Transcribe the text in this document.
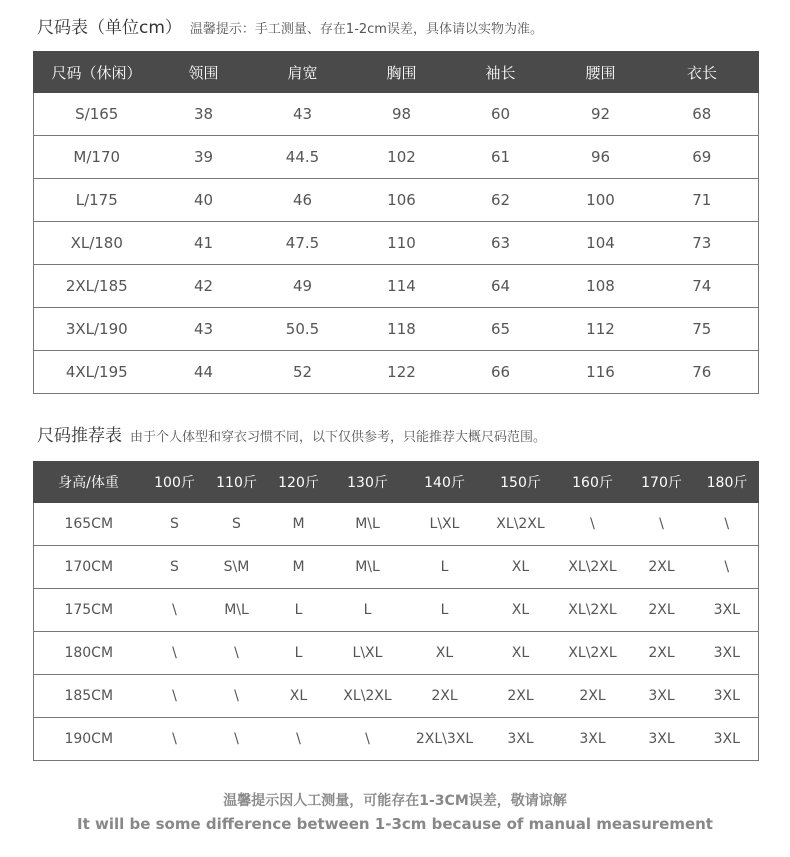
尺码表（单位cm） 温馨提示：手工测量、存在1-2cm误差，具体请以实物为准。
尺码（休闲）	领围	肩宽	胸围	袖长	腰围	衣长
S/165	38	43	98	60	92	68
M/170	39	44.5	102	61	96	69
L/175	40	46	106	62	100	71
XL/180	41	47.5	110	63	104	73
2XL/185	42	49	114	64	108	74
3XL/190	43	50.5	118	65	112	75
4XL/195	44	52	122	66	116	76
尺码推荐表 由于个人体型和穿衣习惯不同，以下仅供参考，只能推荐大概尺码范围。
身高/体重	100斤	110斤	120斤	130斤	140斤	150斤	160斤	170斤	180斤
165CM	S	S	M	M\L	L\XL	XL\2XL	\	\	\
170CM	S	S\M	M	M\L	L	XL	XL\2XL	2XL	\
175CM	\	M\L	L	L	L	XL	XL\2XL	2XL	3XL
180CM	\	\	L	L\XL	XL	XL	XL\2XL	2XL	3XL
185CM	\	\	XL	XL\2XL	2XL	2XL	2XL	3XL	3XL
190CM	\	\	\	\	2XL\3XL	3XL	3XL	3XL	3XL
温馨提示因人工测量，可能存在1-3CM误差，敬请谅解
It will be some difference between 1-3cm because of manual measurement
